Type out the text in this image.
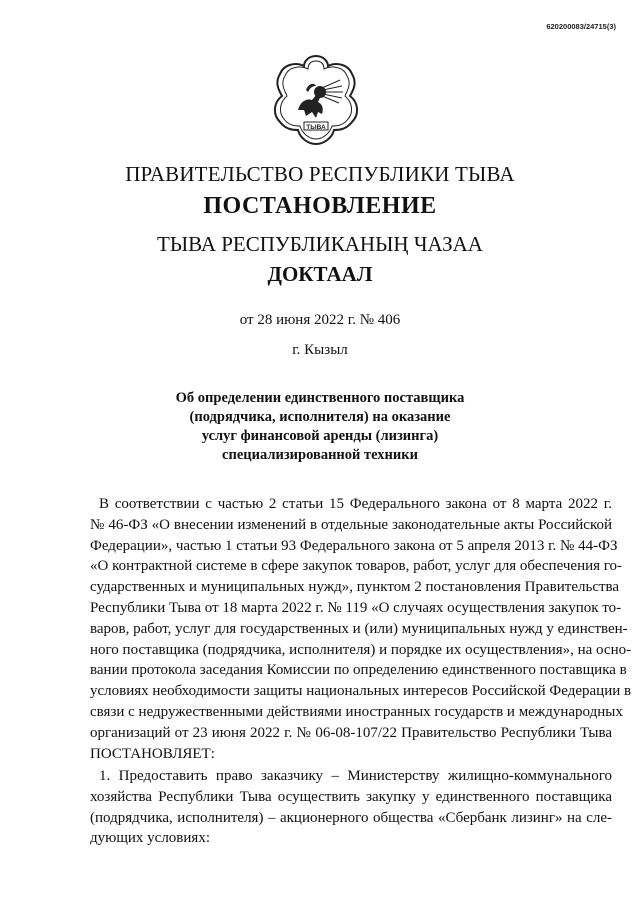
620200083/24715(3)
ТЫВА
ПРАВИТЕЛЬСТВО РЕСПУБЛИКИ ТЫВА
ПОСТАНОВЛЕНИЕ
ТЫВА РЕСПУБЛИКАНЫҢ ЧАЗАА
ДОКТААЛ
от 28 июня 2022 г. № 406
г. Кызыл
Об определении единственного поставщика
(подрядчика, исполнителя) на оказание
услуг финансовой аренды (лизинга)
специализированной техники
В соответствии с частью 2 статьи 15 Федерального закона от 8 марта 2022 г.
№ 46-ФЗ «О внесении изменений в отдельные законодательные акты Российской
Федерации», частью 1 статьи 93 Федерального закона от 5 апреля 2013 г. № 44-ФЗ
«О контрактной системе в сфере закупок товаров, работ, услуг для обеспечения го-
сударственных и муниципальных нужд», пунктом 2 постановления Правительства
Республики Тыва от 18 марта 2022 г. № 119 «О случаях осуществления закупок то-
варов, работ, услуг для государственных и (или) муниципальных нужд у единствен-
ного поставщика (подрядчика, исполнителя) и порядке их осуществления», на осно-
вании протокола заседания Комиссии по определению единственного поставщика в
условиях необходимости защиты национальных интересов Российской Федерации в
связи с недружественными действиями иностранных государств и международных
организаций от 23 июня 2022 г. № 06-08-107/22 Правительство Республики Тыва
ПОСТАНОВЛЯЕТ:
1. Предоставить право заказчику – Министерству жилищно-коммунального
хозяйства Республики Тыва осуществить закупку у единственного поставщика
(подрядчика, исполнителя) – акционерного общества «Сбербанк лизинг» на сле-
дующих условиях:
